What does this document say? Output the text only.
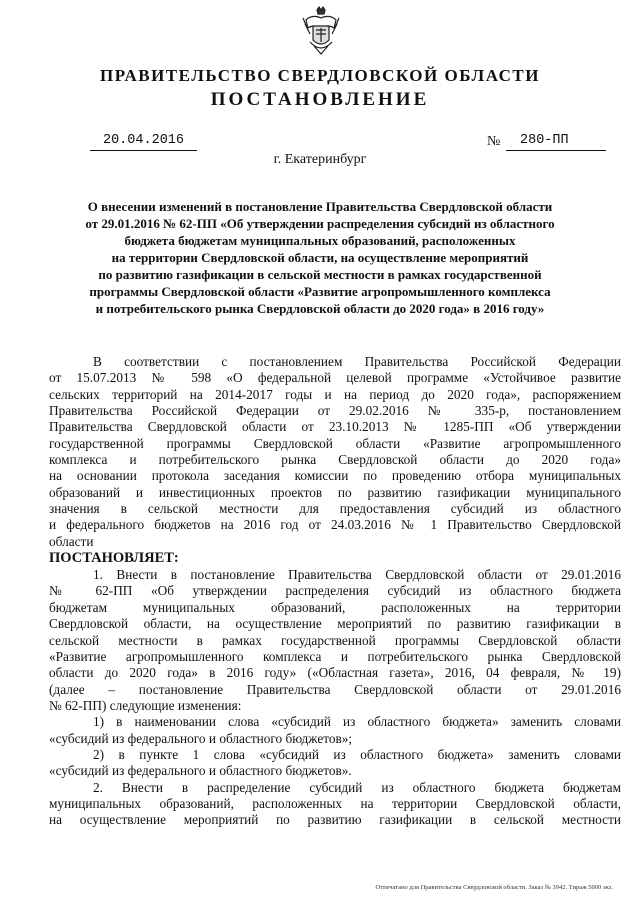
ПРАВИТЕЛЬСТВО СВЕРДЛОВСКОЙ ОБЛАСТИ
ПОСТАНОВЛЕНИЕ
20.04.2016	№	280-ПП
г. Екатеринбург
О внесении изменений в постановление Правительства Свердловской области
от 29.01.2016 № 62-ПП «Об утверждении распределения субсидий из областного
бюджета бюджетам муниципальных образований, расположенных
на территории Свердловской области, на осуществление мероприятий
по развитию газификации в сельской местности в рамках государственной
программы Свердловской области «Развитие агропромышленного комплекса
и потребительского рынка Свердловской области до 2020 года» в 2016 году»
В соответствии с постановлением Правительства Российской Федерации
от 15.07.2013 № 598 «О федеральной целевой программе «Устойчивое развитие
сельских территорий на 2014-2017 годы и на период до 2020 года», распоряжением
Правительства Российской Федерации от 29.02.2016 № 335-р, постановлением
Правительства Свердловской области от 23.10.2013 № 1285-ПП «Об утверждении
государственной программы Свердловской области «Развитие агропромышленного
комплекса и потребительского рынка Свердловской области до 2020 года»
на основании протокола заседания комиссии по проведению отбора муниципальных
образований и инвестиционных проектов по развитию газификации муниципального
значения в сельской местности для предоставления субсидий из областного
и федерального бюджетов на 2016 год от 24.03.2016 № 1 Правительство Свердловской
области
ПОСТАНОВЛЯЕТ:
1. Внести в постановление Правительства Свердловской области от 29.01.2016
№ 62-ПП «Об утверждении распределения субсидий из областного бюджета
бюджетам муниципальных образований, расположенных на территории
Свердловской области, на осуществление мероприятий по развитию газификации в
сельской местности в рамках государственной программы Свердловской области
«Развитие агропромышленного комплекса и потребительского рынка Свердловской
области до 2020 года» в 2016 году» («Областная газета», 2016, 04 февраля, № 19)
(далее – постановление Правительства Свердловской области от 29.01.2016
№ 62-ПП) следующие изменения:
1) в наименовании слова «субсидий из областного бюджета» заменить словами
«субсидий из федерального и областного бюджетов»;
2) в пункте 1 слова «субсидий из областного бюджета» заменить словами
«субсидий из федерального и областного бюджетов».
2. Внести в распределение субсидий из областного бюджета бюджетам
муниципальных образований, расположенных на территории Свердловской области,
на осуществление мероприятий по развитию газификации в сельской местности
Отпечатано для Правительства Свердловской области. Заказ № 3942. Тираж 5000 экз.
